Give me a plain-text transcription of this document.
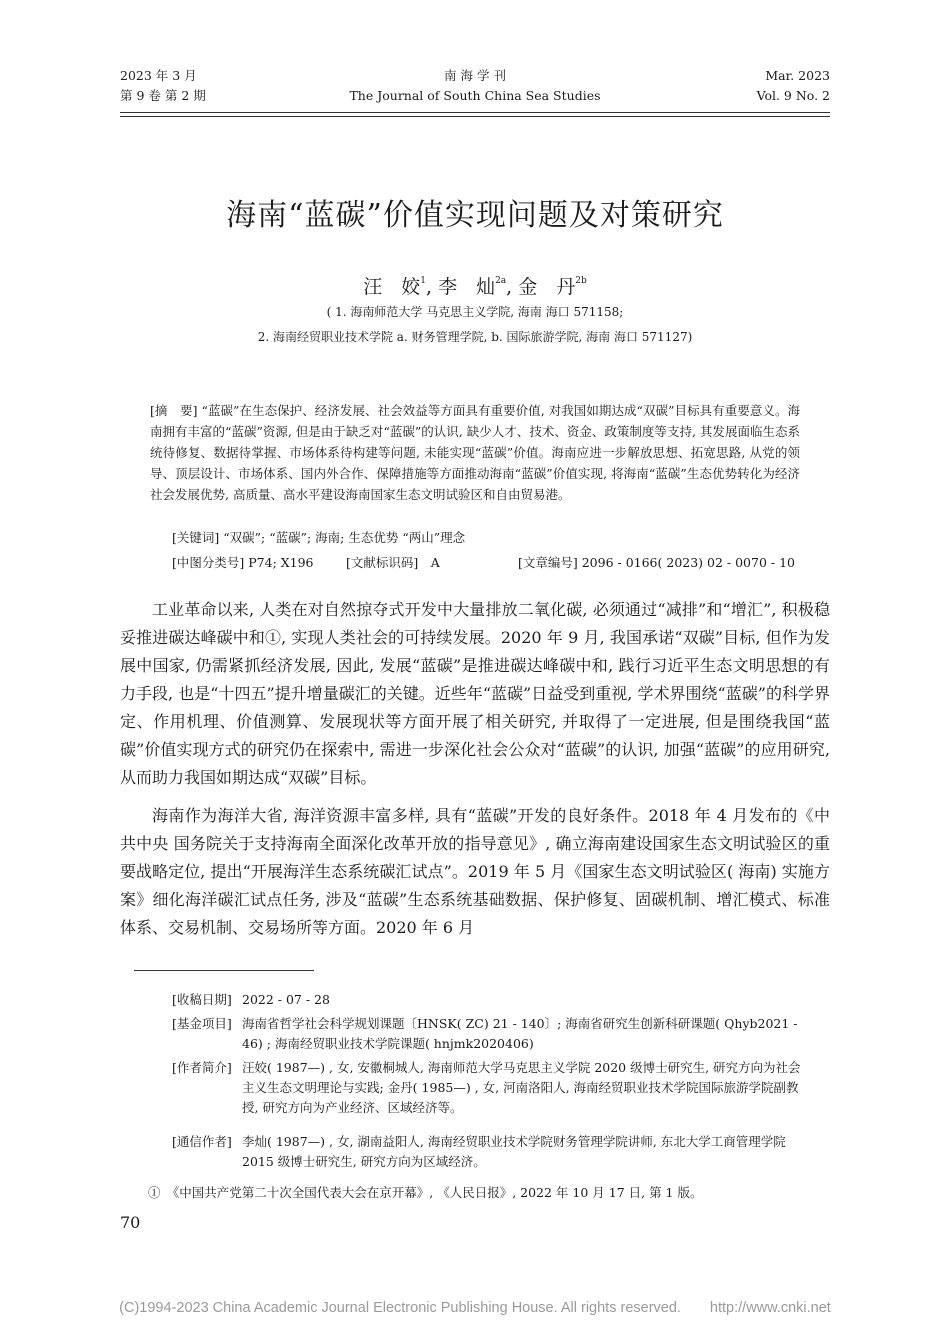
2023 年 3 月
第 9 卷 第 2 期
南 海 学 刊
The Journal of South China Sea Studies
Mar. 2023
Vol. 9 No. 2
海南“蓝碳”价值实现问题及对策研究
汪　姣$^1$, 李　灿$^{2a}$, 金　丹$^{2b}$
( 1. 海南师范大学 马克思主义学院, 海南 海口 571158;
2. 海南经贸职业技术学院 a. 财务管理学院, b. 国际旅游学院, 海南 海口 571127)
[摘　要] “蓝碳”在生态保护、经济发展、社会效益等方面具有重要价值, 对我国如期达成“双碳”目标具有重要意义。海南拥有丰富的“蓝碳”资源, 但是由于缺乏对“蓝碳”的认识, 缺少人才、技术、资金、政策制度等支持, 其发展面临生态系统待修复、数据待掌握、市场体系待构建等问题, 未能实现“蓝碳”价值。海南应进一步解放思想、拓宽思路, 从党的领导、顶层设计、市场体系、国内外合作、保障措施等方面推动海南“蓝碳”价值实现, 将海南“蓝碳”生态优势转化为经济社会发展优势, 高质量、高水平建设海南国家生态文明试验区和自由贸易港。
[关键词] “双碳”; “蓝碳”; 海南; 生态优势 “两山”理念
[中图分类号] P74; X196	[文献标识码]　 A	[文章编号] 2096 - 0166( 2023) 02 - 0070 - 10

工业革命以来, 人类在对自然掠夺式开发中大量排放二氧化碳, 必须通过“减排”和“增汇”, 积极稳妥推进碳达峰碳中和①, 实现人类社会的可持续发展。2020 年 9 月, 我国承诺“双碳”目标, 但作为发展中国家, 仍需紧抓经济发展, 因此, 发展“蓝碳”是推进碳达峰碳中和, 践行习近平生态文明思想的有力手段, 也是“十四五”提升增量碳汇的关键。近些年“蓝碳”日益受到重视, 学术界围绕“蓝碳”的科学界定、作用机理、价值测算、发展现状等方面开展了相关研究, 并取得了一定进展, 但是围绕我国“蓝碳”价值实现方式的研究仍在探索中, 需进一步深化社会公众对“蓝碳”的认识, 加强“蓝碳”的应用研究, 从而助力我国如期达成“双碳”目标。

海南作为海洋大省, 海洋资源丰富多样, 具有“蓝碳”开发的良好条件。2018 年 4 月发布的《中共中央 国务院关于支持海南全面深化改革开放的指导意见》, 确立海南建设国家生态文明试验区的重要战略定位, 提出“开展海洋生态系统碳汇试点”。2019 年 5 月《国家生态文明试验区( 海南) 实施方案》细化海洋碳汇试点任务, 涉及“蓝碳”生态系统基础数据、保护修复、固碳机制、增汇模式、标准体系、交易机制、交易场所等方面。2020 年 6 月

[收稿日期] 2022 - 07 - 28
[基金项目] 海南省哲学社会科学规划课题〔HNSK( ZC) 21 - 140〕; 海南省研究生创新科研课题( Qhyb2021 - 46) ; 海南经贸职业技术学院课题( hnjmk2020406)
[作者简介] 汪姣( 1987—) , 女, 安徽桐城人, 海南师范大学马克思主义学院 2020 级博士研究生, 研究方向为社会主义生态文明理论与实践; 金丹( 1985—) , 女, 河南洛阳人, 海南经贸职业技术学院国际旅游学院副教授, 研究方向为产业经济、区域经济等。
[通信作者] 李灿( 1987—) , 女, 湖南益阳人, 海南经贸职业技术学院财务管理学院讲师, 东北大学工商管理学院 2015 级博士研究生, 研究方向为区域经济。
①　《中国共产党第二十次全国代表大会在京开幕》, 《人民日报》, 2022 年 10 月 17 日, 第 1 版。
70
(C)1994-2023 China Academic Journal Electronic Publishing House. All rights reserved.　　http://www.cnki.net
